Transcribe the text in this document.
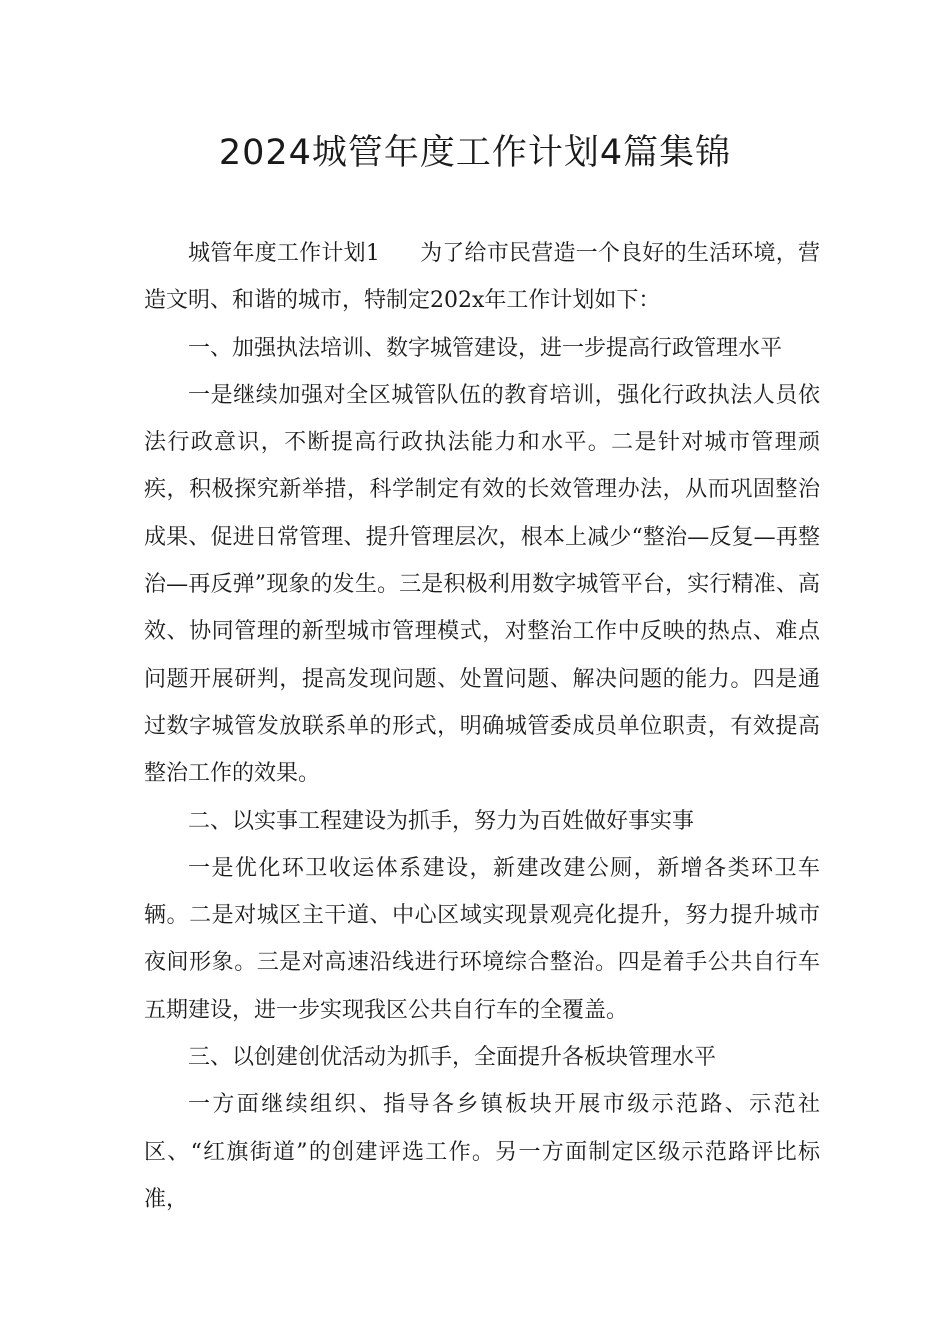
2024城管年度工作计划4篇集锦

城管年度工作计划1 为了给市民营造一个良好的生活环境，营造文明、和谐的城市，特制定202x年工作计划如下：

一、加强执法培训、数字城管建设，进一步提高行政管理水平

一是继续加强对全区城管队伍的教育培训，强化行政执法人员依法行政意识，不断提高行政执法能力和水平。二是针对城市管理顽疾，积极探究新举措，科学制定有效的长效管理办法，从而巩固整治成果、促进日常管理、提升管理层次，根本上减少“整治—反复—再整治—再反弹”现象的发生。三是积极利用数字城管平台，实行精准、高效、协同管理的新型城市管理模式，对整治工作中反映的热点、难点问题开展研判，提高发现问题、处置问题、解决问题的能力。四是通过数字城管发放联系单的形式，明确城管委成员单位职责，有效提高整治工作的效果。

二、以实事工程建设为抓手，努力为百姓做好事实事

一是优化环卫收运体系建设，新建改建公厕，新增各类环卫车辆。二是对城区主干道、中心区域实现景观亮化提升，努力提升城市夜间形象。三是对高速沿线进行环境综合整治。四是着手公共自行车五期建设，进一步实现我区公共自行车的全覆盖。

三、以创建创优活动为抓手，全面提升各板块管理水平

一方面继续组织、指导各乡镇板块开展市级示范路、示范社区、“红旗街道”的创建评选工作。另一方面制定区级示范路评比标准，
